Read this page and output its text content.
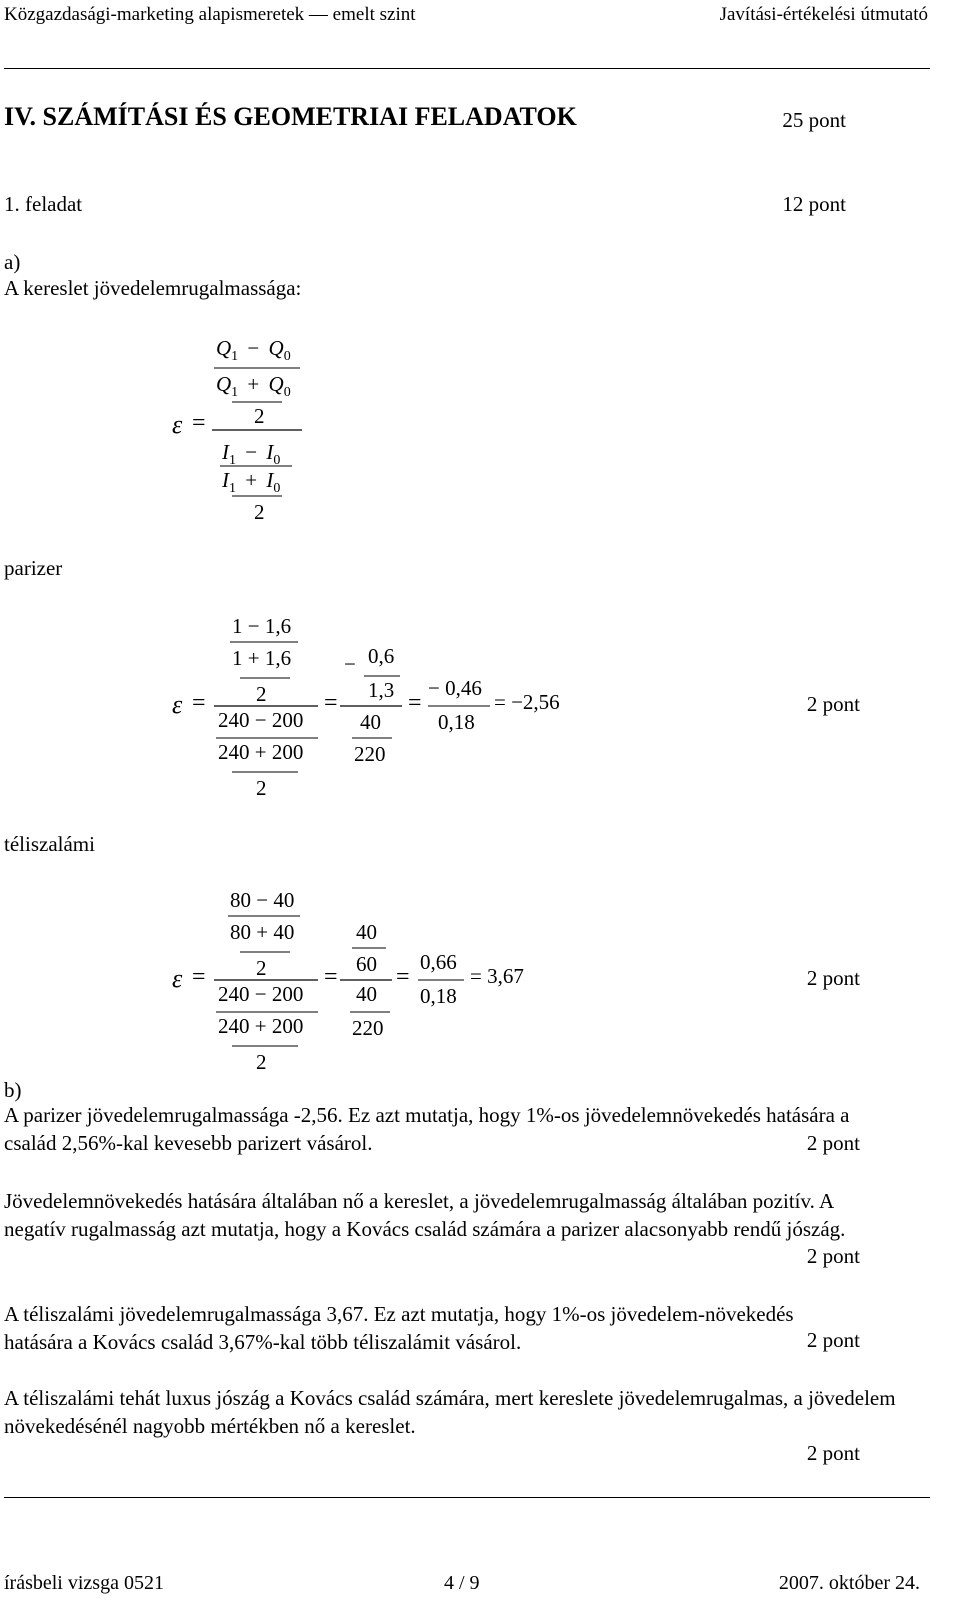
Közgazdasági-marketing alapismeretek — emelt szint	Javítási-értékelési útmutató
IV. SZÁMÍTÁSI ÉS GEOMETRIAI FELADATOK	25 pont
1. feladat	12 pont
a)
A kereslet jövedelemrugalmassága:
ε =
$Q_1 - Q_0$
$Q_1 + Q_0$
2
$I_1 - I_0$
$I_1 + I_0$
2
parizer
ε =
1 − 1,6
1 + 1,6
2
240 − 200
240 + 200
2
=
− 0,6
1,3
40
220
=
− 0,46
0,18
= −2,56	2 pont
téliszalámi
ε =
80 − 40
80 + 40
2
240 − 200
240 + 200
2
=
40
60
40
220
=
0,66
0,18
= 3,67	2 pont
b)
A parizer jövedelemrugalmassága -2,56. Ez azt mutatja, hogy 1%-os jövedelemnövekedés hatására a család 2,56%-kal kevesebb parizert vásárol.	2 pont
Jövedelemnövekedés hatására általában nő a kereslet, a jövedelemrugalmasság általában pozitív. A negatív rugalmasság azt mutatja, hogy a Kovács család számára a parizer alacsonyabb rendű jószág.
2 pont
A téliszalámi jövedelemrugalmassága 3,67. Ez azt mutatja, hogy 1%-os jövedelem-növekedés hatására a Kovács család 3,67%-kal több téliszalámit vásárol.	2 pont
A téliszalámi tehát luxus jószág a Kovács család számára, mert kereslete jövedelemrugalmas, a jövedelem növekedésénél nagyobb mértékben nő a kereslet.
2 pont
írásbeli vizsga 0521	4 / 9	2007. október 24.
